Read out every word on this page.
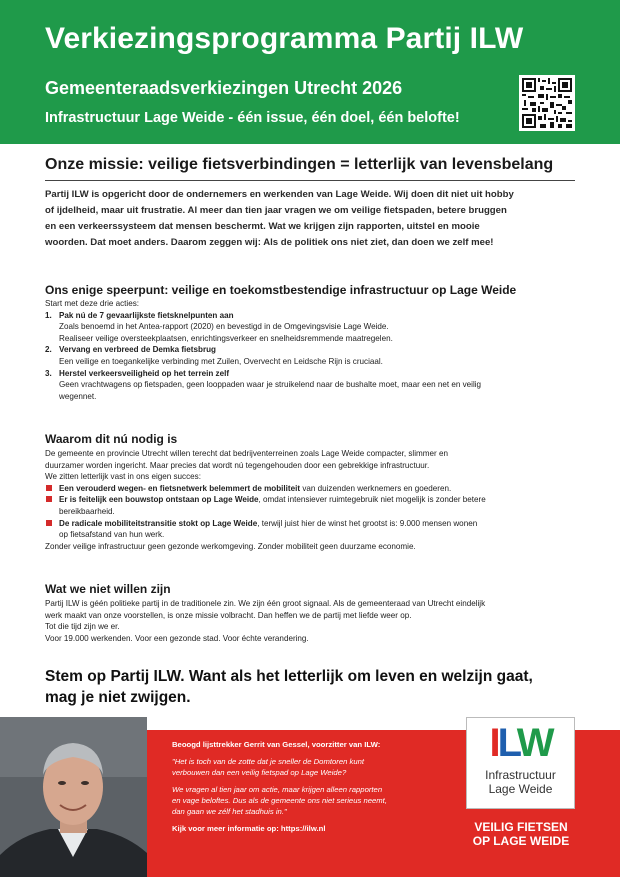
Verkiezingsprogramma Partij ILW
Gemeenteraadsverkiezingen Utrecht 2026
Infrastructuur Lage Weide - één issue, één doel, één belofte!
Onze missie: veilige fietsverbindingen = letterlijk van levensbelang
Partij ILW is opgericht door de ondernemers en werkenden van Lage Weide. Wij doen dit niet uit hobby
of ijdelheid, maar uit frustratie. Al meer dan tien jaar vragen we om veilige fietspaden, betere bruggen
en een verkeerssysteem dat mensen beschermt. Wat we krijgen zijn rapporten, uitstel en mooie
woorden. Dat moet anders. Daarom zeggen wij: Als de politiek ons niet ziet, dan doen we zelf mee!
Ons enige speerpunt: veilige en toekomstbestendige infrastructuur op Lage Weide
Start met deze drie acties:
1. Pak nú de 7 gevaarlijkste fietsknelpunten aan
Zoals benoemd in het Antea-rapport (2020) en bevestigd in de Omgevingsvisie Lage Weide.
Realiseer veilige oversteekplaatsen, enrichtingsverkeer en snelheidsremmende maatregelen.
2. Vervang en verbreed de Demka fietsbrug
Een veilige en toegankelijke verbinding met Zuilen, Overvecht en Leidsche Rijn is cruciaal.
3. Herstel verkeersveiligheid op het terrein zelf
Geen vrachtwagens op fietspaden, geen looppaden waar je struikelend naar de bushalte moet, maar een net en veilig
wegennet.
Waarom dit nú nodig is
De gemeente en provincie Utrecht willen terecht dat bedrijventerreinen zoals Lage Weide compacter, slimmer en
duurzamer worden ingericht. Maar precies dat wordt nú tegengehouden door een gebrekkige infrastructuur.
We zitten letterlijk vast in ons eigen succes:
Een verouderd wegen- en fietsnetwerk belemmert de mobiliteit van duizenden werknemers en goederen.
Er is feitelijk een bouwstop ontstaan op Lage Weide, omdat intensiever ruimtegebruik niet mogelijk is zonder betere
bereikbaarheid.
De radicale mobiliteitstransitie stokt op Lage Weide, terwijl juist hier de winst het grootst is: 9.000 mensen wonen
op fietsafstand van hun werk.
Zonder veilige infrastructuur geen gezonde werkomgeving. Zonder mobiliteit geen duurzame economie.
Wat we niet willen zijn
Partij ILW is géén politieke partij in de traditionele zin. We zijn één groot signaal. Als de gemeenteraad van Utrecht eindelijk
werk maakt van onze voorstellen, is onze missie volbracht. Dan heffen we de partij met liefde weer op.
Tot die tijd zijn we er.
Voor 19.000 werkenden. Voor een gezonde stad. Voor échte verandering.
Stem op Partij ILW. Want als het letterlijk om leven en welzijn gaat,
mag je niet zwijgen.
Beoogd lijsttrekker Gerrit van Gessel, voorzitter van ILW:
"Het is toch van de zotte dat je sneller de Domtoren kunt
verbouwen dan een veilig fietspad op Lage Weide?
We vragen al tien jaar om actie, maar krijgen alleen rapporten
en vage beloftes. Dus als de gemeente ons niet serieus neemt,
dan gaan we zélf het stadhuis in."
Kijk voor meer informatie op: https://ilw.nl
ILW
Infrastructuur
Lage Weide
VEILIG FIETSEN
OP LAGE WEIDE
